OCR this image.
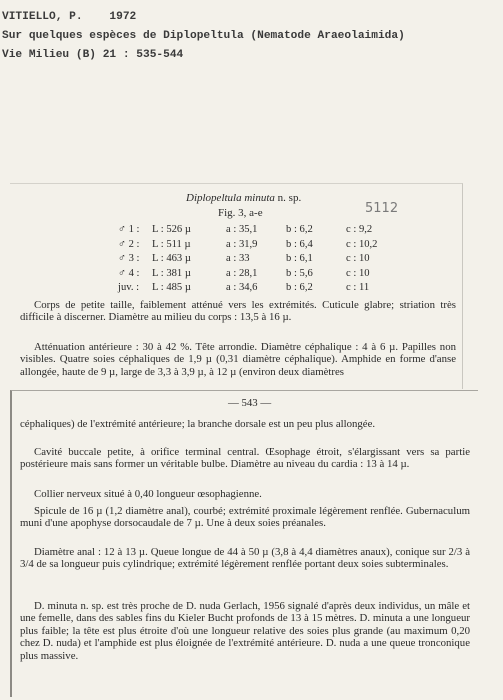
VITIELLO, P.    1972
Sur quelques espèces de Diplopeltula (Nematode Araeolaimida)
Vie Milieu (B) 21 : 535-544
Diplopeltula minuta n. sp.
Fig. 3, a-e	5112
♂ 1 : L : 526 µ	a : 35,1	b : 6,2	c : 9,2
♂ 2 : L : 511 µ	a : 31,9	b : 6,4	c : 10,2
♂ 3 : L : 463 µ	a : 33	b : 6,1	c : 10
♂ 4 : L : 381 µ	a : 28,1	b : 5,6	c : 10
juv. : L : 485 µ	a : 34,6	b : 6,2	c : 11

Corps de petite taille, faiblement atténué vers les extrémités. Cuticule glabre; striation très difficile à discerner. Diamètre au milieu du corps : 13,5 à 16 µ.

Atténuation antérieure : 30 à 42 %. Tête arrondie. Diamètre céphalique : 4 à 6 µ. Papilles non visibles. Quatre soies céphaliques de 1,9 µ (0,31 diamètre céphalique). Amphide en forme d'anse allongée, haute de 9 µ, large de 3,3 à 3,9 µ, à 12 µ (environ deux diamètres

— 543 —

céphaliques) de l'extrémité antérieure; la branche dorsale est un peu plus allongée.

Cavité buccale petite, à orifice terminal central. Œsophage étroit, s'élargissant vers sa partie postérieure mais sans former un véritable bulbe. Diamètre au niveau du cardia : 13 à 14 µ.

Collier nerveux situé à 0,40 longueur œsophagienne.

Spicule de 16 µ (1,2 diamètre anal), courbé; extrémité proximale légèrement renflée. Gubernaculum muni d'une apophyse dorsocaudale de 7 µ. Une à deux soies préanales.

Diamètre anal : 12 à 13 µ. Queue longue de 44 à 50 µ (3,8 à 4,4 diamètres anaux), conique sur 2/3 à 3/4 de sa longueur puis cylindrique; extrémité légèrement renflée portant deux soies subterminales.

D. minuta n. sp. est très proche de D. nuda Gerlach, 1956 signalé d'après deux individus, un mâle et une femelle, dans des sables fins du Kieler Bucht profonds de 13 à 15 mètres. D. minuta a une longueur plus faible; la tête est plus étroite d'où une longueur relative des soies plus grande (au maximum 0,20 chez D. nuda) et l'amphide est plus éloignée de l'extrémité antérieure. D. nuda a une queue tronconique plus massive.
